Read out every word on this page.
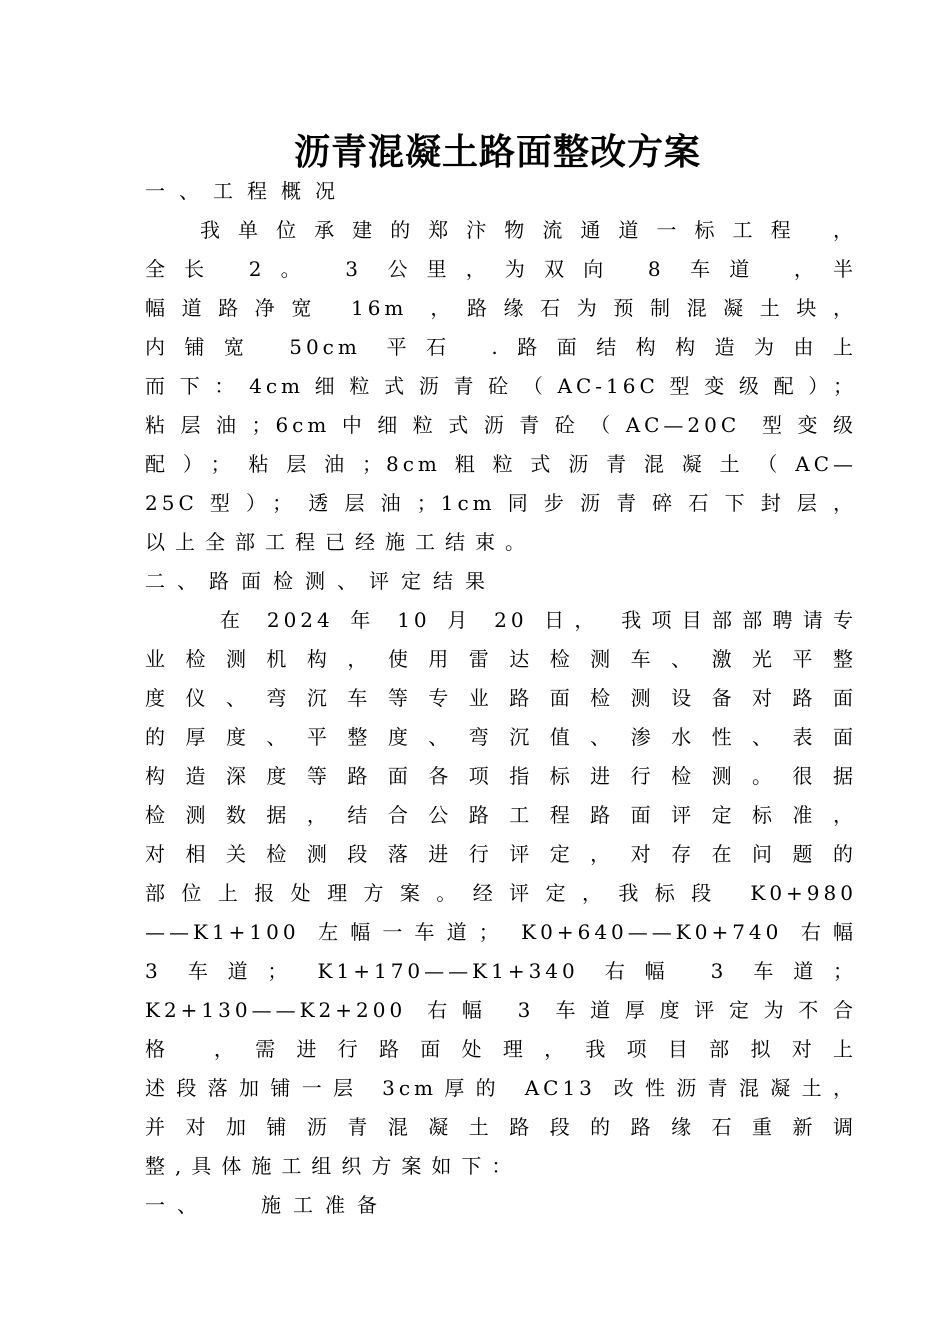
沥青混凝土路面整改方案
一、工程概况
我单位承建的郑汴物流通道一标工程 ，
全长 2。 3 公里，为双向 8 车道 ，半
幅道路净宽 16m ，路缘石为预制混凝土块，
内铺宽 50cm 平石 .路面结构构造为由上
而下：4cm细粒式沥青砼（AC-16C型变级配）；
粘层油；6cm中细粒式沥青砼（AC—20C 型变级
配）；粘层油；8cm粗粒式沥青混凝土（AC—
25C型）；透层油；1cm同步沥青碎石下封层，
以上全部工程已经施工结束。
二、路面检测、评定结果
在 2024 年 10 月 20 日， 我项目部部聘请专
业检测机构，使用雷达检测车、激光平整
度仪、弯沉车等专业路面检测设备对路面
的厚度、平整度、弯沉值、渗水性、表面
构造深度等路面各项指标进行检测。很据
检测数据，结合公路工程路面评定标准，
对相关检测段落进行评定，对存在问题的
部位上报处理方案。经评定，我标段 K0+980
——K1+100 左幅一车道； K0+640——K0+740 右幅
3 车道； K1+170——K1+340 右幅 3 车道；
K2+130——K2+200 右幅 3 车道厚度评定为不合
格 ，需进行路面处理，我项目部拟对上
述段落加铺一层 3cm厚的 AC13 改性沥青混凝土，
并对加铺沥青混凝土路段的路缘石重新调
整,具体施工组织方案如下：
一、	施工准备
